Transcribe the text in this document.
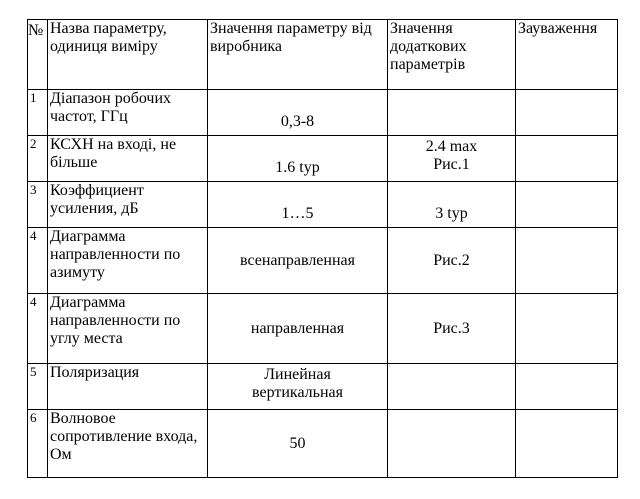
№	Назва параметру, одиниця виміру	Значення параметру від виробника	Значення додаткових параметрів	Зауваження
1	Діапазон робочих частот, ГГц	0,3-8		
2	КСХН на вході, не більше	1.6 typ	2.4 max Рис.1	
3	Коэффициент усиления, дБ	1…5	3 typ	
4	Диаграмма направленности по азимуту	всенаправленная	Рис.2	
4	Диаграмма направленности по углу места	направленная	Рис.3	
5	Поляризация	Линейная вертикальная		
6	Волновое сопротивление входа, Ом	50		
